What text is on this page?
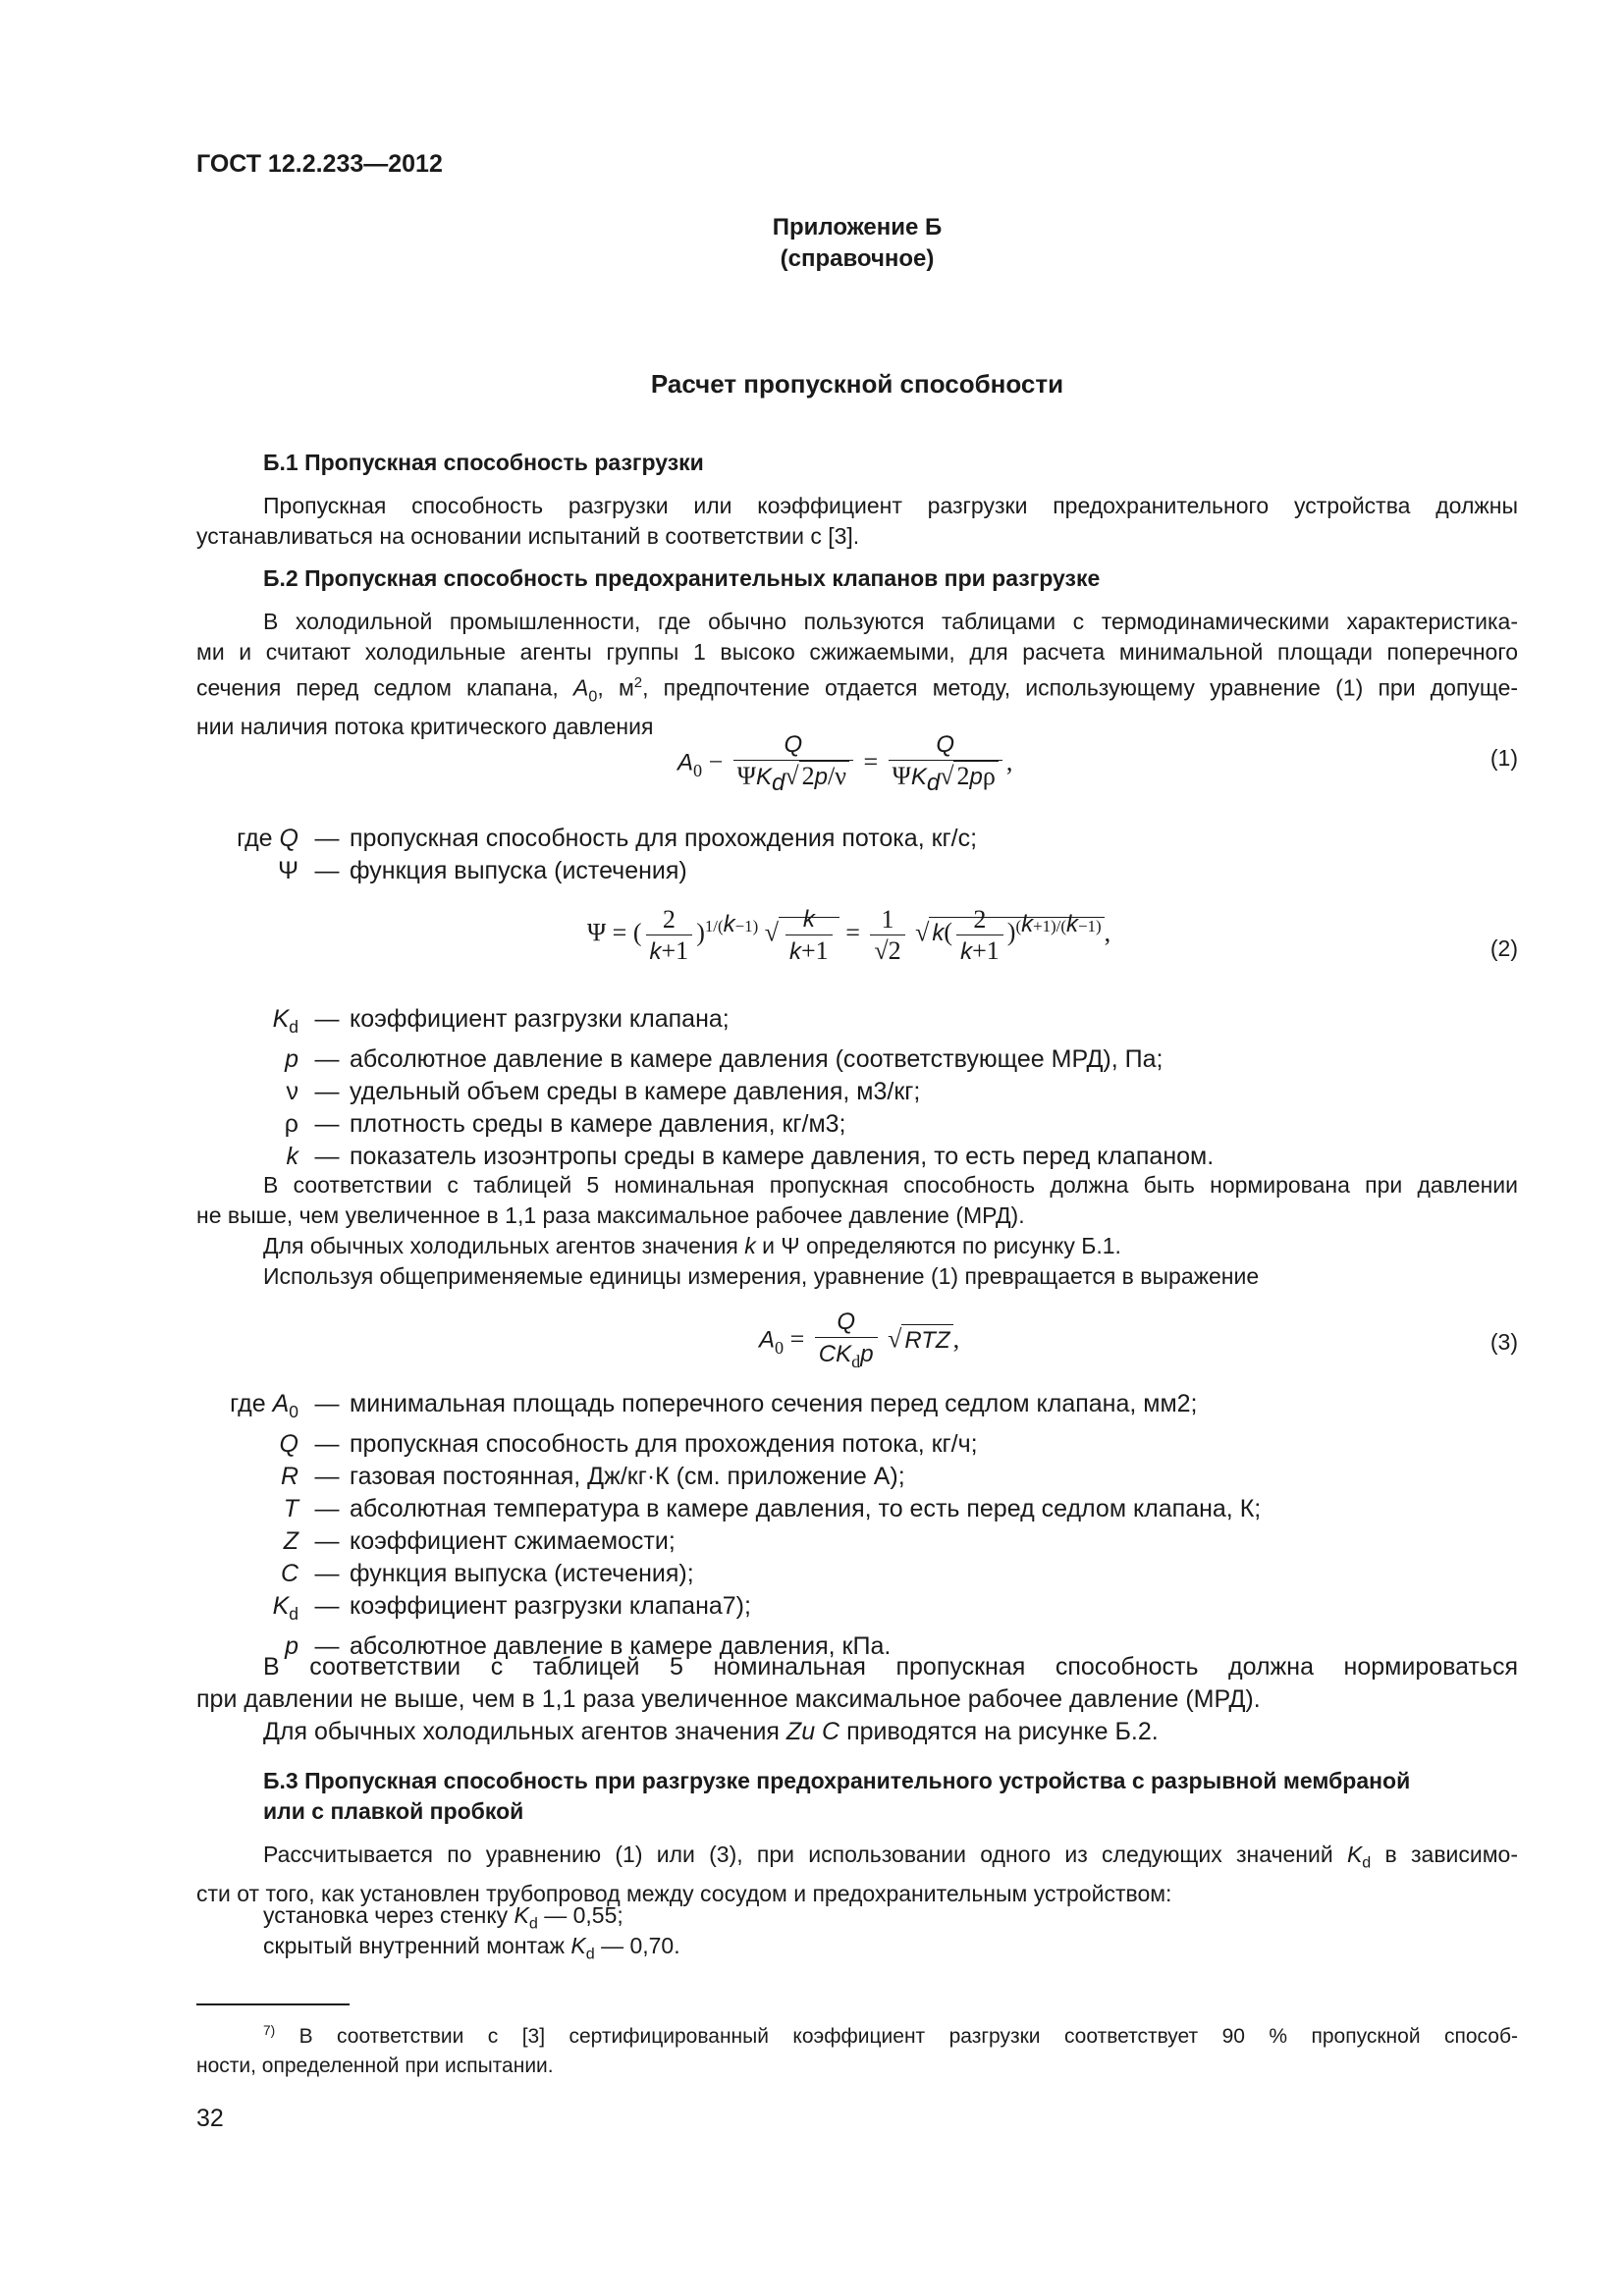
ГОСТ 12.2.233—2012
Приложение Б
(справочное)
Расчет пропускной способности
Б.1 Пропускная способность разгрузки
Пропускная способность разгрузки или коэффициент разгрузки предохранительного устройства должны
устанавливаться на основании испытаний в соответствии с [3].
Б.2 Пропускная способность предохранительных клапанов при разгрузке
В холодильной промышленности, где обычно пользуются таблицами с термодинамическими характеристика-
ми и считают холодильные агенты группы 1 высоко сжижаемыми, для расчета минимальной площади поперечного
сечения перед седлом клапана, $A_0$, $м^2$, предпочтение отдается методу, использующему уравнение (1) при допуще-
нии наличия потока критического давления
$A_0 - \frac{Q}{\Psi K_d√ 2p/\nu} = \frac{Q}{\Psi K_d√ 2p\rho}$ ,	(1)
где Q — пропускная способность для прохождения потока, кг/с;
Ψ — функция выпуска (истечения)
Ψ = ( $\frac{2}{k+1} )^{1/(k-1)}$ √ $\frac{k}{k+1} = \frac{1}{√2}$ √ $k( \frac{2}{k+1} )^{(k+1)/(k-1)}$ ,
(2)
$K_d$ — коэффициент разгрузки клапана;
p — абсолютное давление в камере давления (соответствующее МРД), Па;
ν — удельный объем среды в камере давления, м3/кг;
ρ — плотность среды в камере давления, кг/м3;
k — показатель изоэнтропы среды в камере давления, то есть перед клапаном.
В соответствии с таблицей 5 номинальная пропускная способность должна быть нормирована при давлении
не выше, чем увеличенное в 1,1 раза максимальное рабочее давление (МРД).
Для обычных холодильных агентов значения k и Ψ определяются по рисунку Б.1.
Используя общеприменяемые единицы измерения, уравнение (1) превращается в выражение
$A_0 = \frac{Q}{CK_dp}$ √ RTZ ,	(3)
где $A_0$ — минимальная площадь поперечного сечения перед седлом клапана, мм2;
Q — пропускная способность для прохождения потока, кг/ч;
R — газовая постоянная, Дж/кг·К (см. приложение А);
T — абсолютная температура в камере давления, то есть перед седлом клапана, К;
Z — коэффициент сжимаемости;
C — функция выпуска (истечения);
$K_d$ — коэффициент разгрузки клапана7);
p — абсолютное давление в камере давления, кПа.
В соответствии с таблицей 5 номинальная пропускная способность должна нормироваться
при давлении не выше, чем в 1,1 раза увеличенное максимальное рабочее давление (МРД).
Для обычных холодильных агентов значения Zи C приводятся на рисунке Б.2.
Б.3 Пропускная способность при разгрузке предохранительного устройства с разрывной мембраной
или с плавкой пробкой
Рассчитывается по уравнению (1) или (3), при использовании одного из следующих значений $K_d$ в зависимо-
сти от того, как установлен трубопровод между сосудом и предохранительным устройством:
установка через стенку $K_d$ — 0,55;
скрытый внутренний монтаж $K_d$ — 0,70.
$^{7)}$ В соответствии с [3] сертифицированный коэффициент разгрузки соответствует 90 % пропускной способ-
ности, определенной при испытании.
32
